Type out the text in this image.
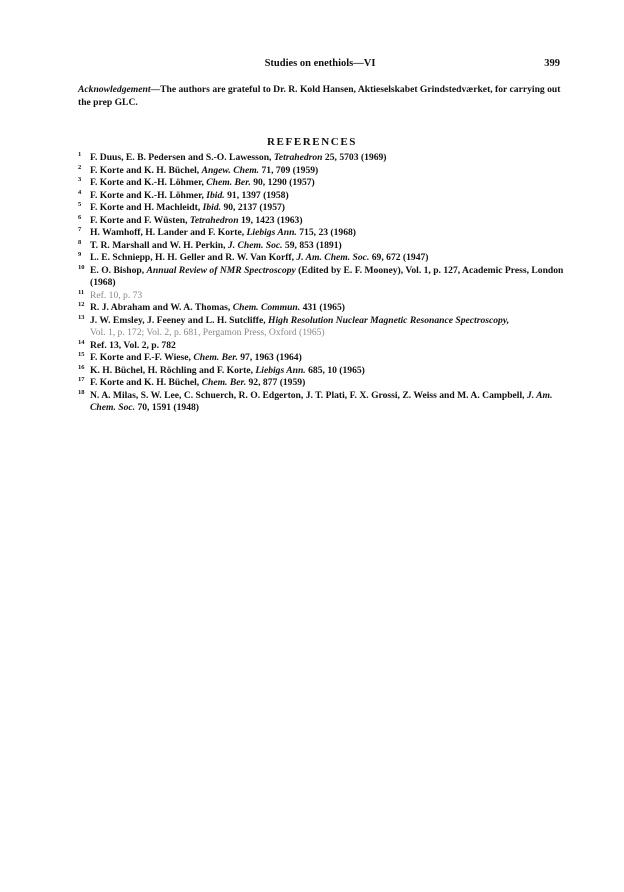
Studies on enethiols—VI	399

Acknowledgement—The authors are grateful to Dr. R. Kold Hansen, Aktieselskabet Grindstedværket, for carrying out the prep GLC.

REFERENCES
1 F. Duus, E. B. Pedersen and S.-O. Lawesson, Tetrahedron 25, 5703 (1969)
2 F. Korte and K. H. Büchel, Angew. Chem. 71, 709 (1959)
3 F. Korte and K.-H. Löhmer, Chem. Ber. 90, 1290 (1957)
4 F. Korte and K.-H. Löhmer, Ibid. 91, 1397 (1958)
5 F. Korte and H. Machleidt, Ibid. 90, 2137 (1957)
6 F. Korte and F. Wüsten, Tetrahedron 19, 1423 (1963)
7 H. Wamhoff, H. Lander and F. Korte, Liebigs Ann. 715, 23 (1968)
8 T. R. Marshall and W. H. Perkin, J. Chem. Soc. 59, 853 (1891)
9 L. E. Schniepp, H. H. Geller and R. W. Van Korff, J. Am. Chem. Soc. 69, 672 (1947)
10 E. O. Bishop, Annual Review of NMR Spectroscopy (Edited by E. F. Mooney), Vol. 1, p. 127, Academic Press, London (1968)
11 Ref. 10, p. 73
12 R. J. Abraham and W. A. Thomas, Chem. Commun. 431 (1965)
13 J. W. Emsley, J. Feeney and L. H. Sutcliffe, High Resolution Nuclear Magnetic Resonance Spectroscopy,
Vol. 1, p. 172; Vol. 2, p. 681, Pergamon Press, Oxford (1965)
14 Ref. 13, Vol. 2, p. 782
15 F. Korte and F.-F. Wiese, Chem. Ber. 97, 1963 (1964)
16 K. H. Büchel, H. Röchling and F. Korte, Liebigs Ann. 685, 10 (1965)
17 F. Korte and K. H. Büchel, Chem. Ber. 92, 877 (1959)
18 N. A. Milas, S. W. Lee, C. Schuerch, R. O. Edgerton, J. T. Plati, F. X. Grossi, Z. Weiss and M. A. Campbell, J. Am. Chem. Soc. 70, 1591 (1948)
